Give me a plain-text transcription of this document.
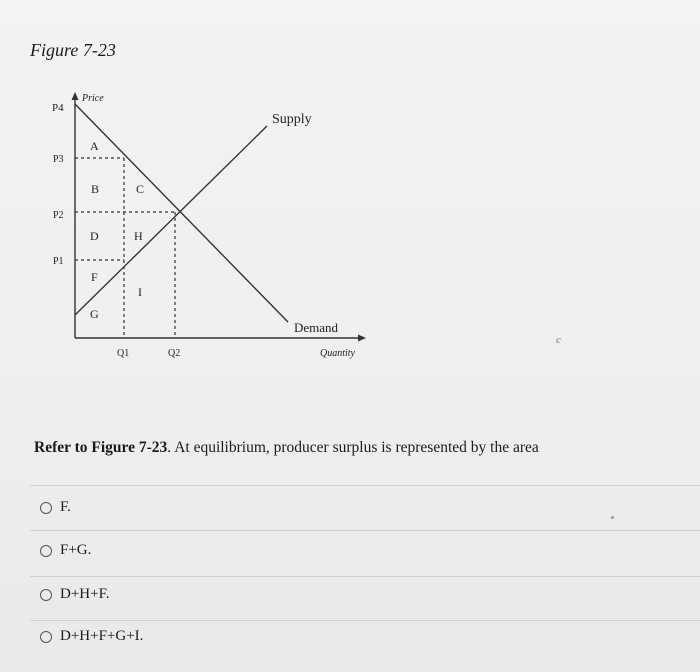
Figure 7-23
Price
Quantity
Supply
Demand
P4
P3
P2
P1
Q1	Q2
A
B	C
D	H
F
I
G
c
Refer to Figure 7-23. At equilibrium, producer surplus is represented by the area
F.
F+G.
D+H+F.
D+H+F+G+I.
